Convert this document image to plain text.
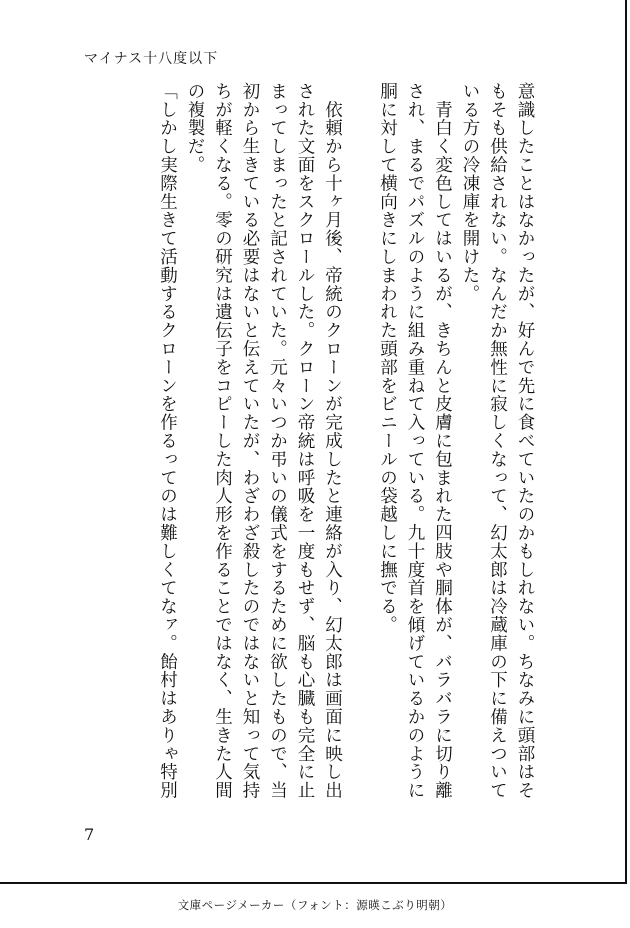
マイナス十八度以下

意識したことはなかったが、好んで先に食べていたのかもしれない。ちなみに頭部はそもそも供給されない。なんだか無性に寂しくなって、幻太郎は冷蔵庫の下に備えついている方の冷凍庫を開けた。

　青白く変色してはいるが、きちんと皮膚に包まれた四肢や胴体が、バラバラに切り離され、まるでパズルのように組み重ねて入っている。九十度首を傾げているかのように胴に対して横向きにしまわれた頭部をビニールの袋越しに撫でる。

　依頼から十ヶ月後、帝統のクローンが完成したと連絡が入り、幻太郎は画面に映し出された文面をスクロールした。クローン帝統は呼吸を一度もせず、脳も心臓も完全に止まってしまったと記されていた。元々いつか弔いの儀式をするために欲したもので、当初から生きている必要はないと伝えていたが、わざわざ殺したのではないと知って気持ちが軽くなる。零の研究は遺伝子をコピーした肉人形を作ることではなく、生きた人間の複製だ。

「しかし実際生きて活動するクローンを作るってのは難しくてなァ。飴村はありゃ特別

7
文庫ページメーカー（フォント：源暎こぶり明朝）
